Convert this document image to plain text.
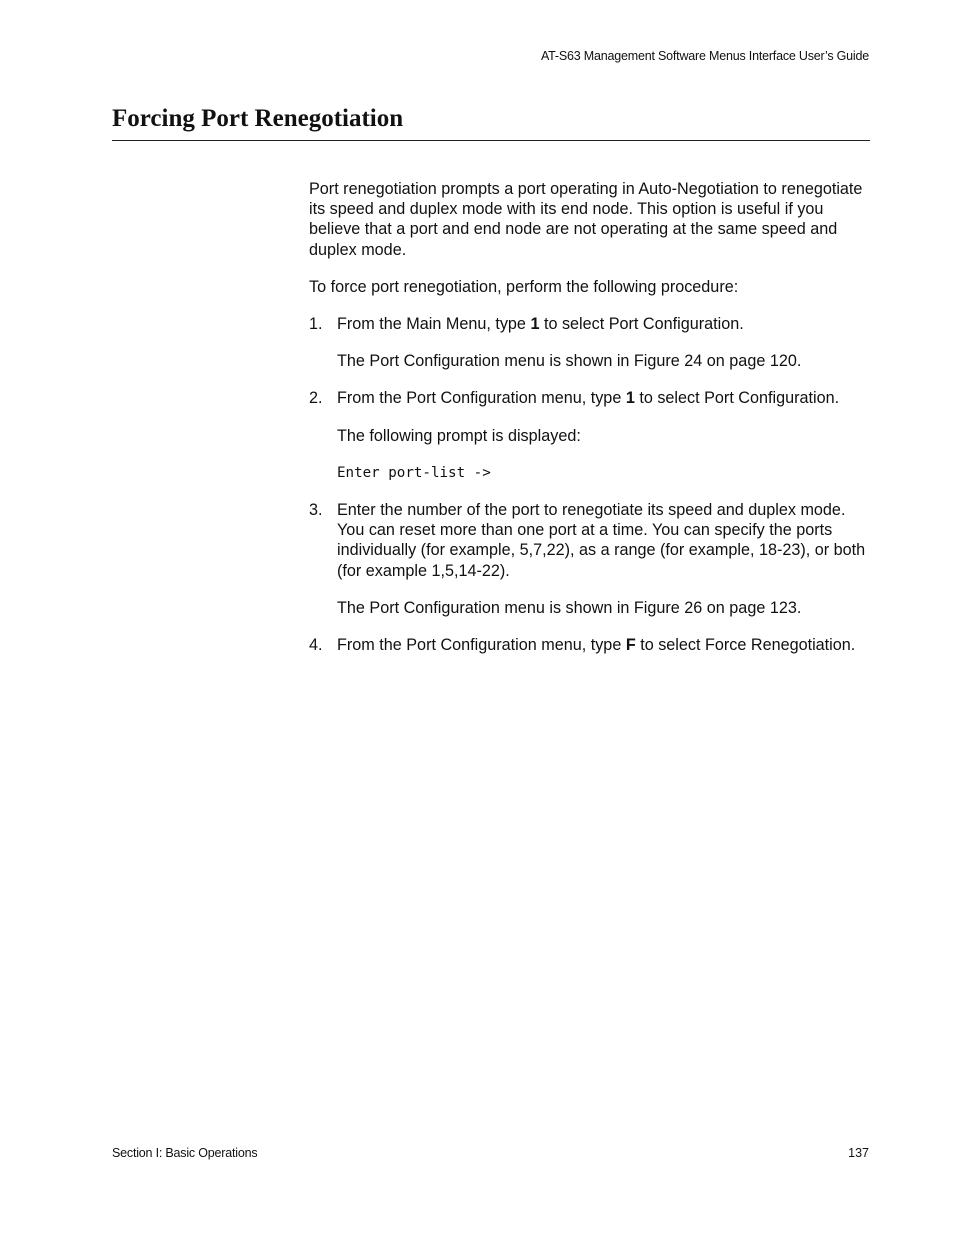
AT-S63 Management Software Menus Interface User’s Guide
Forcing Port Renegotiation

Port renegotiation prompts a port operating in Auto-Negotiation to renegotiate its speed and duplex mode with its end node. This option is useful if you believe that a port and end node are not operating at the same speed and duplex mode.

To force port renegotiation, perform the following procedure:

1. From the Main Menu, type 1 to select Port Configuration.
The Port Configuration menu is shown in Figure 24 on page 120.
2. From the Port Configuration menu, type 1 to select Port Configuration.
The following prompt is displayed:
Enter port-list ->
3. Enter the number of the port to renegotiate its speed and duplex mode. You can reset more than one port at a time. You can specify the ports individually (for example, 5,7,22), as a range (for example, 18-23), or both (for example 1,5,14-22).
The Port Configuration menu is shown in Figure 26 on page 123.
4. From the Port Configuration menu, type F to select Force Renegotiation.
Section I: Basic Operations	137
